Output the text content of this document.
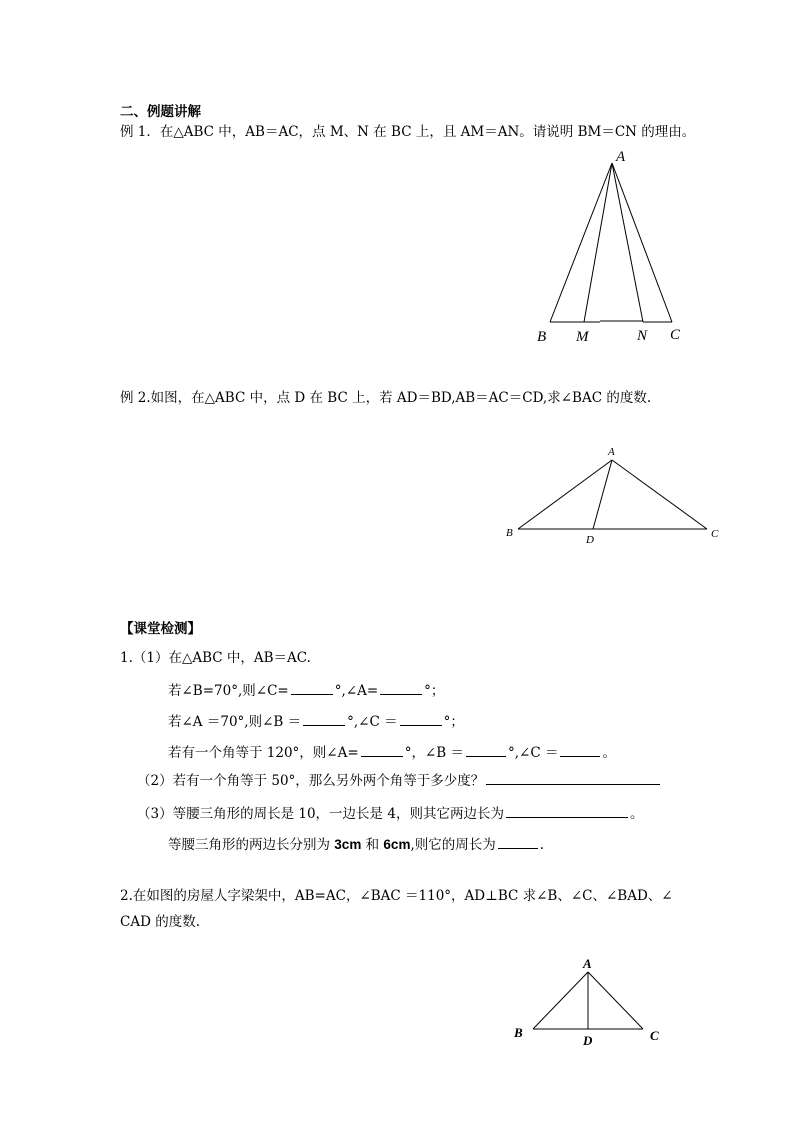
二、例题讲解
例 1．在△ABC 中，AB＝AC，点 M、N 在 BC 上，且 AM＝AN。请说明 BM＝CN 的理由。
A
B M	N C
例 2.如图，在△ABC 中，点 D 在 BC 上，若 AD＝BD,AB＝AC＝CD,求∠BAC 的度数.
A
B
D	C
【课堂检测】
1.（1）在△ABC 中，AB＝AC.
若∠B=70°,则∠C=	°,∠A=	°；
若∠A ＝70°,则∠B ＝	°,∠C ＝	°；
若有一个角等于 120°，则∠A=	°，∠B ＝	°,∠C ＝	。
（2）若有一个角等于 50°，那么另外两个角等于多少度？
（3）等腰三角形的周长是 10，一边长是 4，则其它两边长为	。
等腰三角形的两边长分别为 3cm 和 6cm,则它的周长为	.
2.在如图的房屋人字梁架中，AB=AC，∠BAC ＝110°，AD⊥BC 求∠B、∠C、∠BAD、∠
CAD 的度数.
A
B
D	C
